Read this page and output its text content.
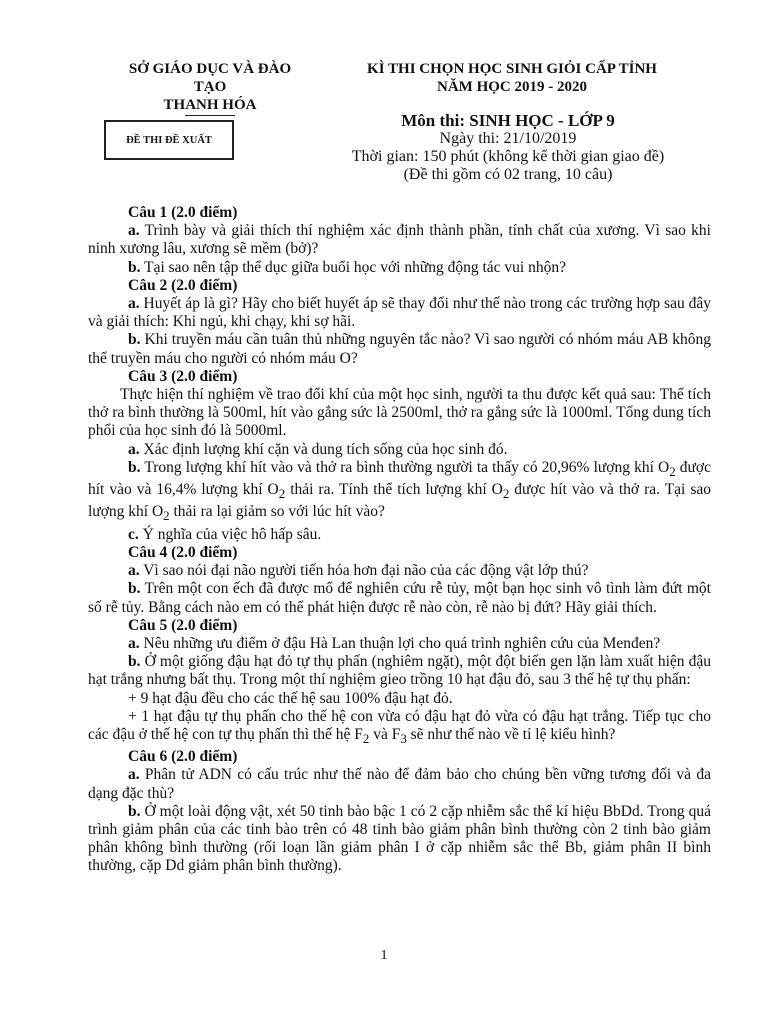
SỞ GIÁO DỤC VÀ ĐÀO TẠO
THANH HÓA
KÌ THI CHỌN HỌC SINH GIỎI CẤP TỈNH
NĂM HỌC 2019 - 2020
ĐỀ THI ĐỀ XUẤT
Môn thi: SINH HỌC - LỚP 9
Ngày thi: 21/10/2019
Thời gian: 150 phút (không kể thời gian giao đề)
(Đề thi gồm có 02 trang, 10 câu)

Câu 1 (2.0 điểm)

a. Trình bày và giải thích thí nghiệm xác định thành phần, tính chất của xương. Vì sao khi ninh xương lâu, xương sẽ mềm (bở)?

b. Tại sao nên tập thể dục giữa buổi học với những động tác vui nhộn?

Câu 2 (2.0 điểm)

a. Huyết áp là gì? Hãy cho biết huyết áp sẽ thay đổi như thế nào trong các trường hợp sau đây và giải thích: Khi ngủ, khi chạy, khi sợ hãi.

b. Khi truyền máu cần tuân thủ những nguyên tắc nào? Vì sao người có nhóm máu AB không thể truyền máu cho người có nhóm máu O?

Câu 3 (2.0 điểm)

Thực hiện thí nghiệm về trao đổi khí của một học sinh, người ta thu được kết quả sau: Thể tích thở ra bình thường là 500ml, hít vào gắng sức là 2500ml, thở ra gắng sức là 1000ml. Tổng dung tích phổi của học sinh đó là 5000ml.

a. Xác định lượng khí cặn và dung tích sống của học sinh đó.

b. Trong lượng khí hít vào và thở ra bình thường người ta thấy có 20,96% lượng khí $O_2$ được hít vào và 16,4% lượng khí $O_2$ thải ra. Tính thể tích lượng khí $O_2$ được hít vào và thở ra. Tại sao lượng khí $O_2$ thải ra lại giảm so với lúc hít vào?

c. Ý nghĩa của việc hô hấp sâu.

Câu 4 (2.0 điểm)

a. Vì sao nói đại não người tiến hóa hơn đại não của các động vật lớp thú?

b. Trên một con ếch đã được mổ để nghiên cứu rễ tủy, một bạn học sinh vô tình làm đứt một số rễ tủy. Bằng cách nào em có thể phát hiện được rễ nào còn, rễ nào bị đứt? Hãy giải thích.

Câu 5 (2.0 điểm)

a. Nêu những ưu điểm ở đậu Hà Lan thuận lợi cho quá trình nghiên cứu của Menđen?

b. Ở một giống đậu hạt đỏ tự thụ phấn (nghiêm ngặt), một đột biến gen lặn làm xuất hiện đậu hạt trắng nhưng bất thụ. Trong một thí nghiệm gieo trồng 10 hạt đậu đỏ, sau 3 thế hệ tự thụ phấn:

+ 9 hạt đậu đều cho các thế hệ sau 100% đậu hạt đỏ.

+ 1 hạt đậu tự thụ phấn cho thế hệ con vừa có đậu hạt đỏ vừa có đậu hạt trắng. Tiếp tục cho các đậu ở thế hệ con tự thụ phấn thì thế hệ $F_2$ và $F_3$ sẽ như thế nào về tỉ lệ kiểu hình?

Câu 6 (2.0 điểm)

a. Phân tử ADN có cấu trúc như thế nào để đảm bảo cho chúng bền vững tương đối và đa dạng đặc thù?

b. Ở một loài động vật, xét 50 tinh bào bậc 1 có 2 cặp nhiễm sắc thể kí hiệu BbDd. Trong quá trình giảm phân của các tinh bào trên có 48 tinh bào giảm phân bình thường còn 2 tinh bào giảm phân không bình thường (rối loạn lần giảm phân I ở cặp nhiễm sắc thể Bb, giảm phân II bình thường, cặp Dd giảm phân bình thường).

1
